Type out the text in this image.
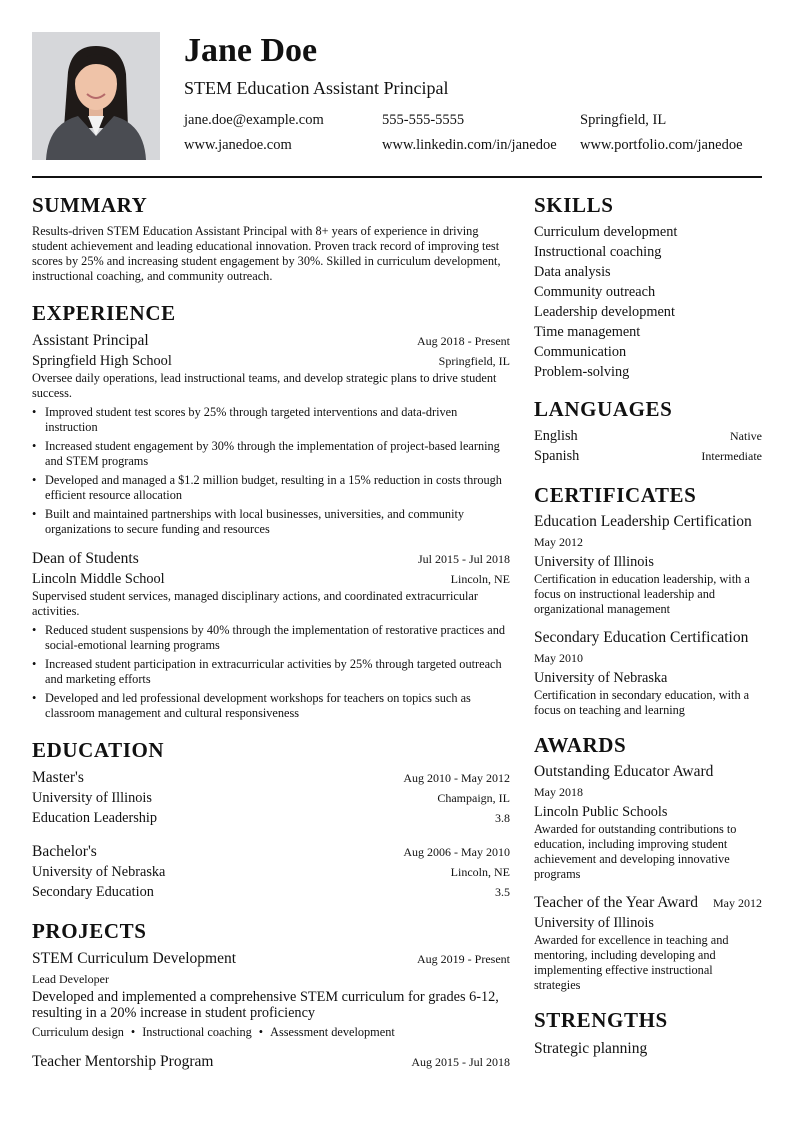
Jane Doe
STEM Education Assistant Principal
jane.doe@example.com	555-555-5555	Springfield, IL
www.janedoe.com	www.linkedin.com/in/janedoe www.portfolio.com/janedoe
SUMMARY
Results-driven STEM Education Assistant Principal with 8+ years of experience in driving student achievement and leading educational innovation. Proven track record of improving test scores by 25% and increasing student engagement by 30%. Skilled in curriculum development, instructional coaching, and community outreach.
EXPERIENCE
Assistant Principal	Aug 2018 - Present
Springfield High School	Springfield, IL
Oversee daily operations, lead instructional teams, and develop strategic plans to drive student success.
• Improved student test scores by 25% through targeted interventions and data-driven instruction
• Increased student engagement by 30% through the implementation of project-based learning and STEM programs
• Developed and managed a $1.2 million budget, resulting in a 15% reduction in costs through efficient resource allocation
• Built and maintained partnerships with local businesses, universities, and community organizations to secure funding and resources
Dean of Students	Jul 2015 - Jul 2018
Lincoln Middle School	Lincoln, NE
Supervised student services, managed disciplinary actions, and coordinated extracurricular activities.
• Reduced student suspensions by 40% through the implementation of restorative practices and social-emotional learning programs
• Increased student participation in extracurricular activities by 25% through targeted outreach and marketing efforts
• Developed and led professional development workshops for teachers on topics such as classroom management and cultural responsiveness
EDUCATION
Master's	Aug 2010 - May 2012
University of Illinois	Champaign, IL
Education Leadership	3.8
Bachelor's	Aug 2006 - May 2010
University of Nebraska	Lincoln, NE
Secondary Education	3.5
PROJECTS
STEM Curriculum Development	Aug 2019 - Present
Lead Developer
Developed and implemented a comprehensive STEM curriculum for grades 6-12, resulting in a 20% increase in student proficiency
Curriculum design • Instructional coaching • Assessment development
Teacher Mentorship Program	Aug 2015 - Jul 2018
SKILLS
Curriculum development
Instructional coaching
Data analysis
Community outreach
Leadership development
Time management
Communication
Problem-solving
LANGUAGES
English	Native
Spanish	Intermediate
CERTIFICATES
Education Leadership Certification
May 2012
University of Illinois
Certification in education leadership, with a focus on instructional leadership and organizational management
Secondary Education Certification
May 2010
University of Nebraska
Certification in secondary education, with a focus on teaching and learning
AWARDS
Outstanding Educator Award
May 2018
Lincoln Public Schools
Awarded for outstanding contributions to education, including improving student achievement and developing innovative programs
Teacher of the Year Award May 2012
University of Illinois
Awarded for excellence in teaching and mentoring, including developing and implementing effective instructional strategies
STRENGTHS
Strategic planning
